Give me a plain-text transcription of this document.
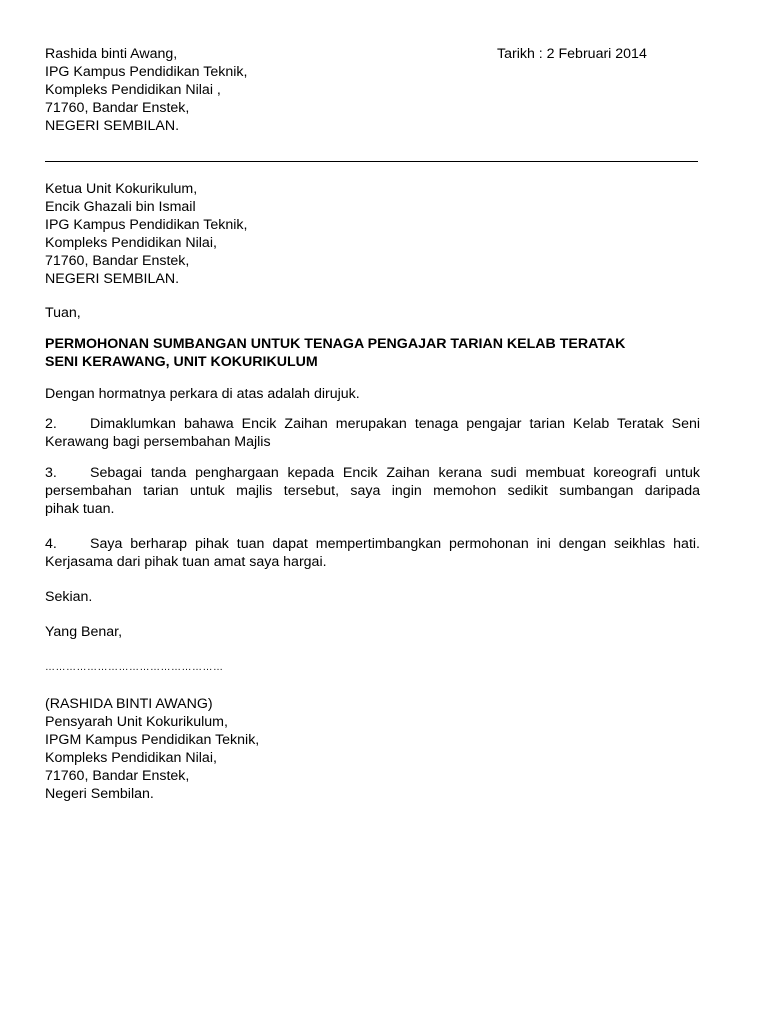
Rashida binti Awang,
IPG Kampus Pendidikan Teknik,
Kompleks Pendidikan Nilai ,
71760, Bandar Enstek,
NEGERI SEMBILAN.
Tarikh : 2 Februari 2014
Ketua Unit Kokurikulum,
Encik Ghazali bin Ismail
IPG Kampus Pendidikan Teknik,
Kompleks Pendidikan Nilai,
71760, Bandar Enstek,
NEGERI SEMBILAN.
Tuan,
PERMOHONAN SUMBANGAN UNTUK TENAGA PENGAJAR TARIAN KELAB TERATAK
SENI KERAWANG, UNIT KOKURIKULUM
Dengan hormatnya perkara di atas adalah dirujuk.
2. Dimaklumkan bahawa Encik Zaihan merupakan tenaga pengajar tarian Kelab Teratak Seni
Kerawang bagi persembahan Majlis
3. Sebagai tanda penghargaan kepada Encik Zaihan kerana sudi membuat koreografi untuk
persembahan tarian untuk majlis tersebut, saya ingin memohon sedikit sumbangan daripada
pihak tuan.
4. Saya berharap pihak tuan dapat mempertimbangkan permohonan ini dengan seikhlas hati.
Kerjasama dari pihak tuan amat saya hargai.
Sekian.
Yang Benar,
……………………………………………
(RASHIDA BINTI AWANG)
Pensyarah Unit Kokurikulum,
IPGM Kampus Pendidikan Teknik,
Kompleks Pendidikan Nilai,
71760, Bandar Enstek,
Negeri Sembilan.
